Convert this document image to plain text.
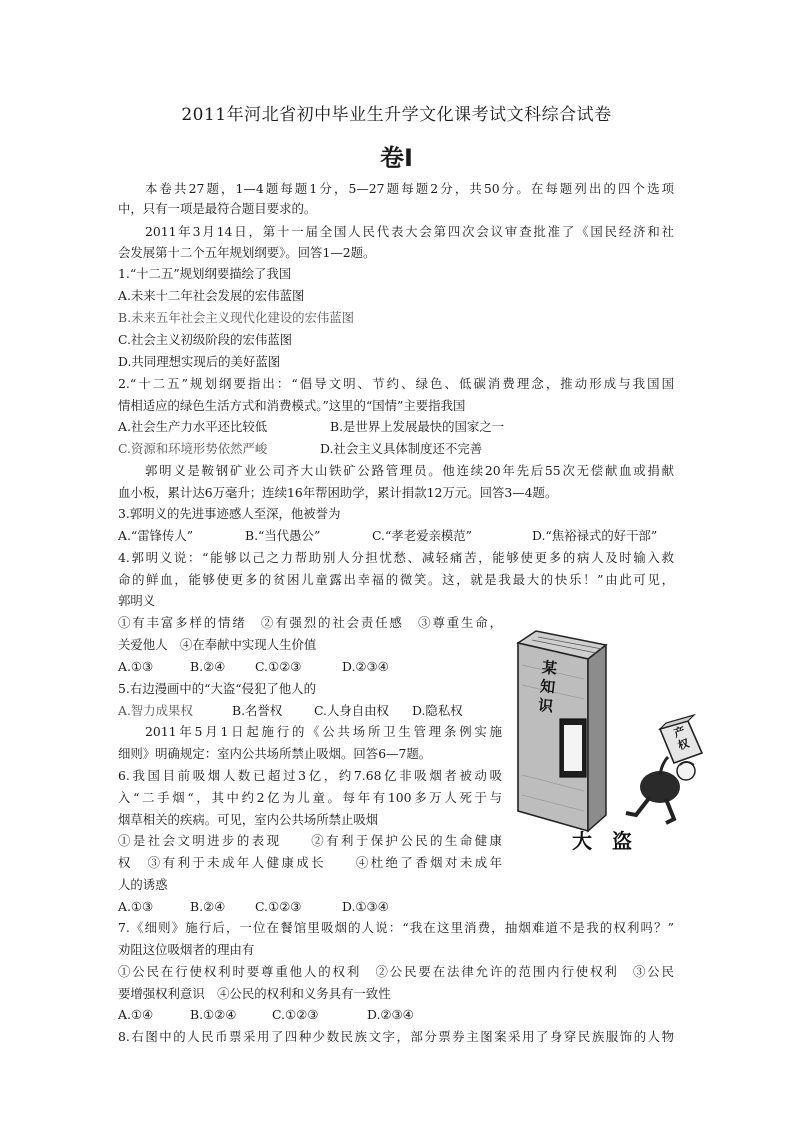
2011年河北省初中毕业生升学文化课考试文科综合试卷
卷Ⅰ
本卷共27题，1—4题每题1分，5—27题每题2分，共50分。在每题列出的四个选项
中，只有一项是最符合题目要求的。
2011年3月14日，第十一届全国人民代表大会第四次会议审查批准了《国民经济和社
会发展第十二个五年规划纲要》。回答1—2题。
1.“十二五”规划纲要描绘了我国
A.未来十二年社会发展的宏伟蓝图
B.未来五年社会主义现代化建设的宏伟蓝图
C.社会主义初级阶段的宏伟蓝图
D.共同理想实现后的美好蓝图
2.“十二五”规划纲要指出：“倡导文明、节约、绿色、低碳消费理念，推动形成与我国国
情相适应的绿色生活方式和消费模式。”这里的“国情”主要指我国
A.社会生产力水平还比较低	B.是世界上发展最快的国家之一
C.资源和环境形势依然严峻	D.社会主义具体制度还不完善
郭明义是鞍钢矿业公司齐大山铁矿公路管理员。他连续20年先后55次无偿献血或捐献
血小板，累计达6万毫升；连续16年帮困助学，累计捐款12万元。回答3—4题。
3.郭明义的先进事迹感人至深，他被誉为
A.“雷锋传人”	B.“当代愚公”	C.“孝老爱亲模范”	D.“焦裕禄式的好干部”
4.郭明义说：“能够以己之力帮助别人分担忧愁、减轻痛苦，能够使更多的病人及时输入救
命的鲜血，能够使更多的贫困儿童露出幸福的微笑。这，就是我最大的快乐！”由此可见，
郭明义
①有丰富多样的情绪　②有强烈的社会责任感　③尊重生命，
关爱他人　④在奉献中实现人生价值
A.①③	B.②④ C.①②③	D.②③④
5.右边漫画中的“大盗“侵犯了他人的
A.智力成果权	B.名誉权	C.人身自由权 D.隐私权
2011年5月1日起施行的《公共场所卫生管理条例实施
细则》明确规定：室内公共场所禁止吸烟。回答6—7题。
6.我国目前吸烟人数已超过3亿，约7.68亿非吸烟者被动吸
入“二手烟“，其中约2亿为儿童。每年有100多万人死于与
烟草相关的疾病。可见，室内公共场所禁止吸烟
①是社会文明进步的表现　　②有利于保护公民的生命健康
权　③有利于未成年人健康成长　　④杜绝了香烟对未成年
人的诱惑
A.①③	B.②④ C.①②③	D.①③④
7.《细则》施行后，一位在餐馆里吸烟的人说：“我在这里消费，抽烟难道不是我的权利吗？”
劝阻这位吸烟者的理由有
①公民在行使权利时要尊重他人的权利　②公民要在法律允许的范围内行使权利　③公民
要增强权利意识　④公民的权利和义务具有一致性
A.①④	B.①②④	C.①②③	D.②③④
8.右图中的人民币票采用了四种少数民族文字，部分票券主图案采用了身穿民族服饰的人物
某知识
产权
大　盗
